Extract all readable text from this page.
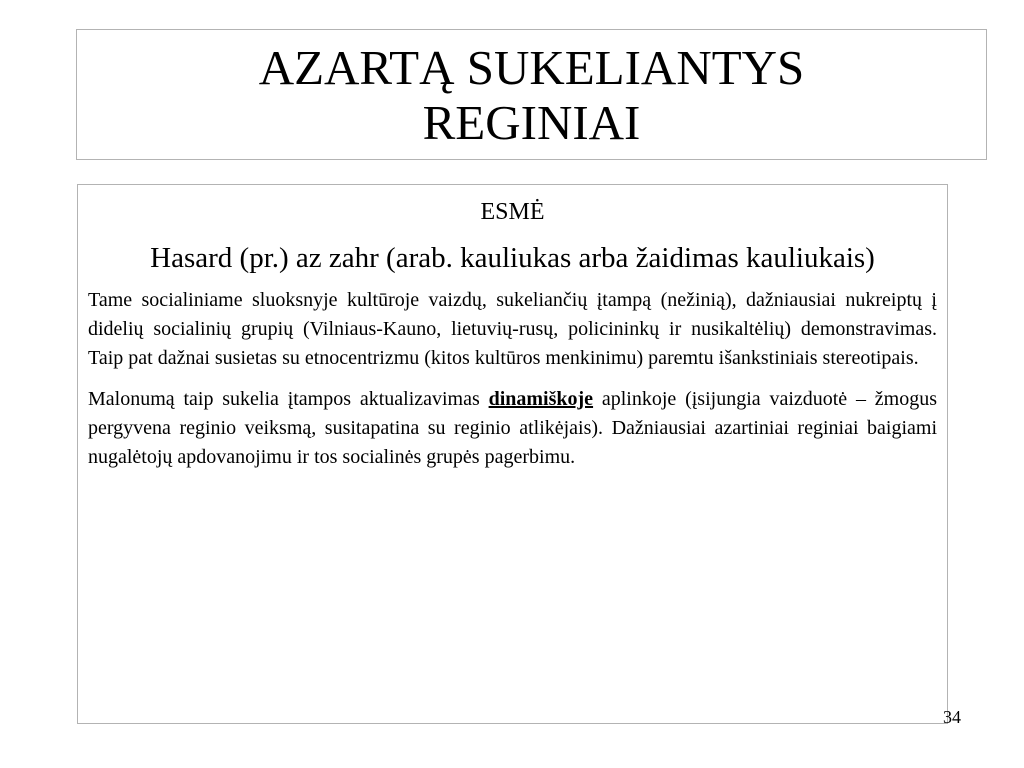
AZARTĄ SUKELIANTYS
REGINIAI
ESMĖ
Hasard (pr.) az zahr (arab. kauliukas arba žaidimas kauliukais)
Tame socialiniame sluoksnyje kultūroje vaizdų, sukeliančių įtampą (nežinią), dažniausiai nukreiptų į didelių socialinių grupių (Vilniaus-Kauno, lietuvių-rusų, policininkų ir nusikaltėlių) demonstravimas. Taip pat dažnai susietas su etnocentrizmu (kitos kultūros menkinimu) paremtu išankstiniais stereotipais.
Malonumą taip sukelia įtampos aktualizavimas dinamiškoje aplinkoje (įsijungia vaizduotė – žmogus pergyvena reginio veiksmą, susitapatina su reginio atlikėjais). Dažniausiai azartiniai reginiai baigiami nugalėtojų apdovanojimu ir tos socialinės grupės pagerbimu.
34
